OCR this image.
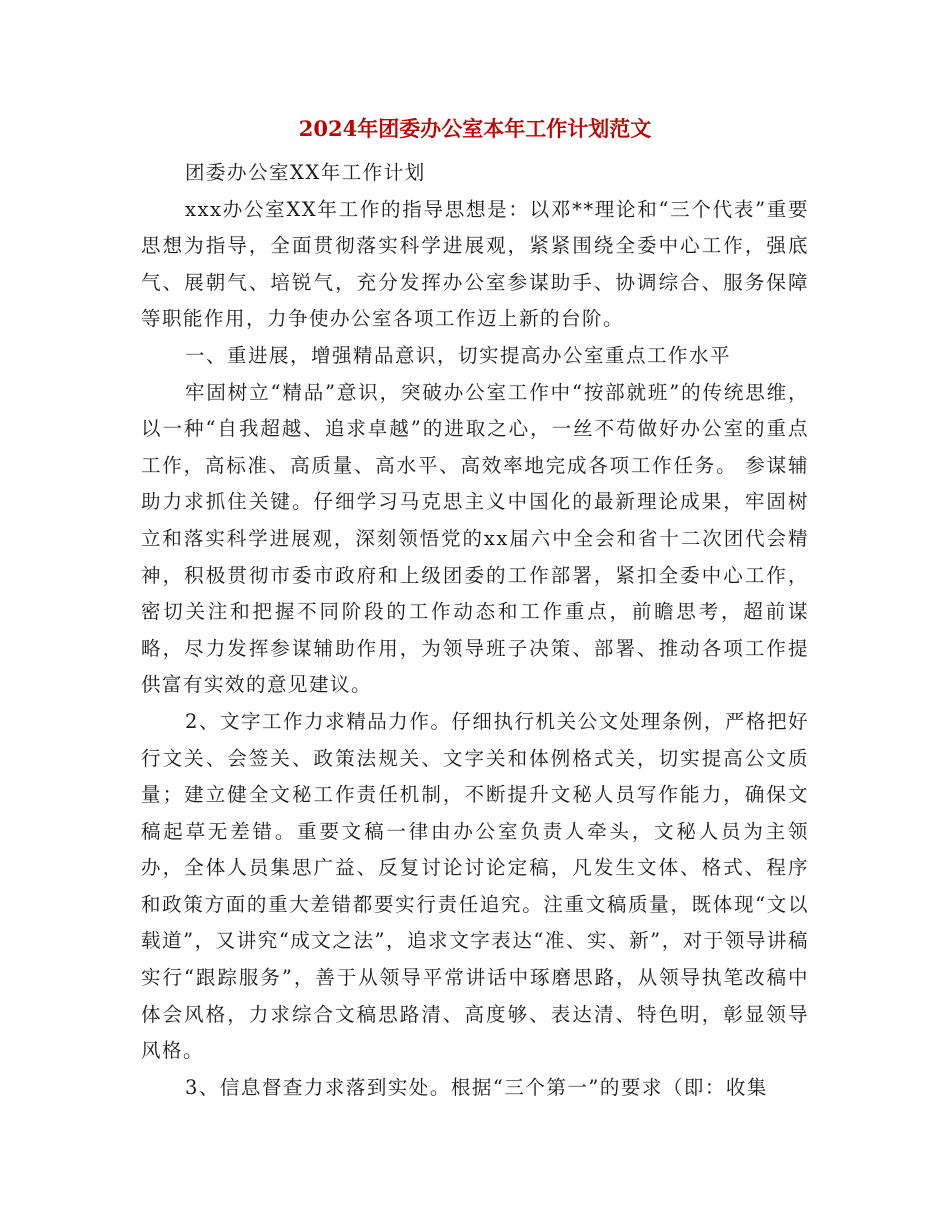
2024年团委办公室本年工作计划范文

团委办公室XX年工作计划

xxx办公室XX年工作的指导思想是：以邓**理论和“三个代表”重要思想为指导，全面贯彻落实科学进展观，紧紧围绕全委中心工作，强底气、展朝气、培锐气，充分发挥办公室参谋助手、协调综合、服务保障等职能作用，力争使办公室各项工作迈上新的台阶。

一、重进展，增强精品意识，切实提高办公室重点工作水平

牢固树立“精品”意识，突破办公室工作中“按部就班”的传统思维，以一种“自我超越、追求卓越”的进取之心，一丝不苟做好办公室的重点工作，高标准、高质量、高水平、高效率地完成各项工作任务。 参谋辅助力求抓住关键。仔细学习马克思主义中国化的最新理论成果，牢固树立和落实科学进展观，深刻领悟党的xx届六中全会和省十二次团代会精神，积极贯彻市委市政府和上级团委的工作部署，紧扣全委中心工作，密切关注和把握不同阶段的工作动态和工作重点，前瞻思考，超前谋略，尽力发挥参谋辅助作用，为领导班子决策、部署、推动各项工作提供富有实效的意见建议。

2、文字工作力求精品力作。仔细执行机关公文处理条例，严格把好行文关、会签关、政策法规关、文字关和体例格式关，切实提高公文质量；建立健全文秘工作责任机制，不断提升文秘人员写作能力，确保文稿起草无差错。重要文稿一律由办公室负责人牵头，文秘人员为主领办，全体人员集思广益、反复讨论讨论定稿，凡发生文体、格式、程序和政策方面的重大差错都要实行责任追究。注重文稿质量，既体现“文以载道”，又讲究“成文之法”，追求文字表达“准、实、新”，对于领导讲稿实行“跟踪服务”，善于从领导平常讲话中琢磨思路，从领导执笔改稿中体会风格，力求综合文稿思路清、高度够、表达清、特色明，彰显领导风格。

3、信息督查力求落到实处。根据“三个第一”的要求（即：收集
